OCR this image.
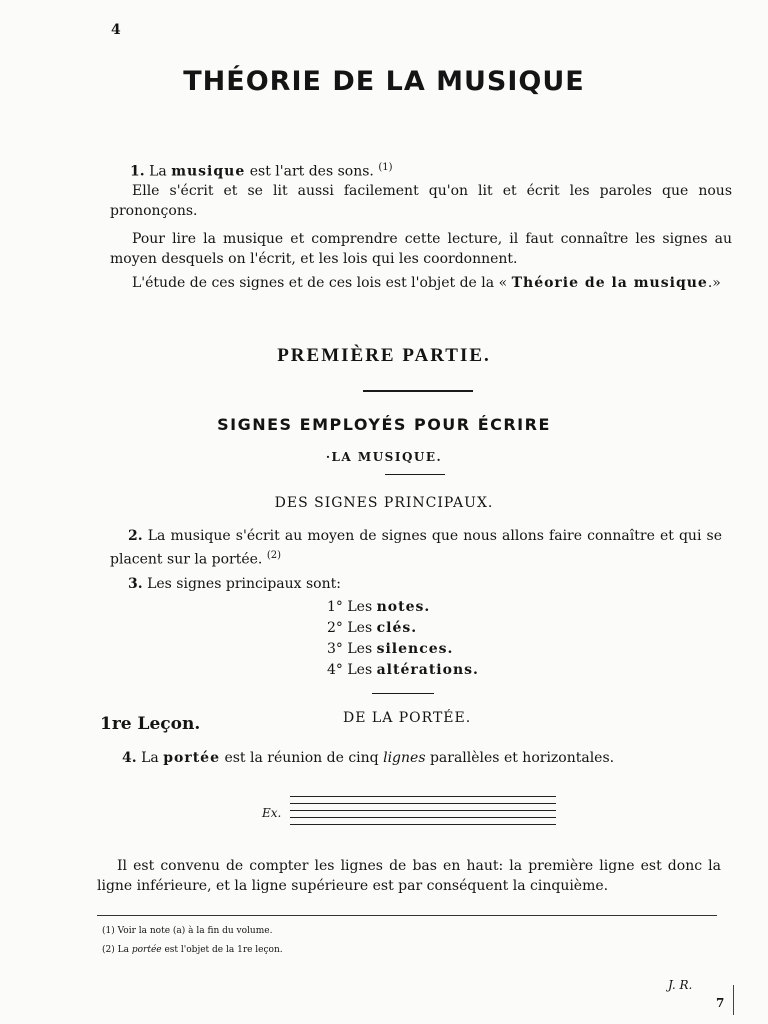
4
THÉORIE DE LA MUSIQUE
1. La musique est l'art des sons. $^{(1)}$
Elle s'écrit et se lit aussi facilement qu'on lit et écrit les paroles que nous prononçons.
Pour lire la musique et comprendre cette lecture, il faut connaître les signes au moyen desquels on l'écrit, et les lois qui les coordonnent.
L'étude de ces signes et de ces lois est l'objet de la « Théorie de la musique.»
PREMIÈRE PARTIE.
SIGNES EMPLOYÉS POUR ÉCRIRE
·LA MUSIQUE.
DES SIGNES PRINCIPAUX.
2. La musique s'écrit au moyen de signes que nous allons faire connaître et qui se placent sur la portée. $^{(2)}$
3. Les signes principaux sont:
1° Les notes.
2° Les clés.
3° Les silences.
4° Les altérations.
1re Leçon.	DE LA PORTÉE.
4. La portée est la réunion de cinq lignes parallèles et horizontales.
Ex.
Il est convenu de compter les lignes de bas en haut: la première ligne est donc la ligne inférieure, et la ligne supérieure est par conséquent la cinquième.
(1) Voir la note (a) à la fin du volume.
(2) La portée est l'objet de la 1re leçon.
J. R.
7
